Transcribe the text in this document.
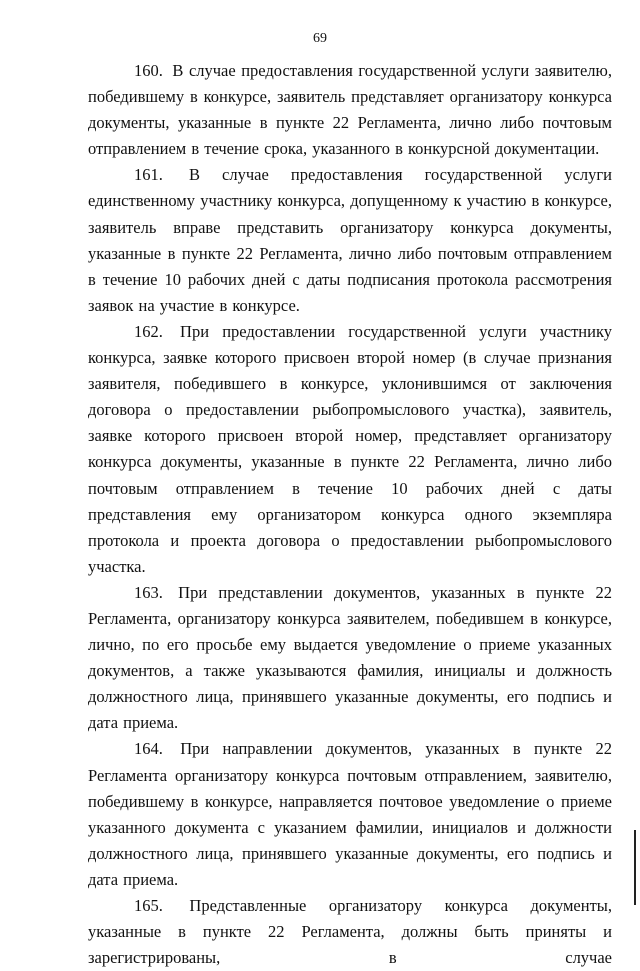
69

160. В случае предоставления государственной услуги заявителю, победившему в конкурсе, заявитель представляет организатору конкурса документы, указанные в пункте 22 Регламента, лично либо почтовым отправлением в течение срока, указанного в конкурсной документации.

161. В случае предоставления государственной услуги единственному участнику конкурса, допущенному к участию в конкурсе, заявитель вправе представить организатору конкурса документы, указанные в пункте 22 Регламента, лично либо почтовым отправлением в течение 10 рабочих дней с даты подписания протокола рассмотрения заявок на участие в конкурсе.

162. При предоставлении государственной услуги участнику конкурса, заявке которого присвоен второй номер (в случае признания заявителя, победившего в конкурсе, уклонившимся от заключения договора о предоставлении рыбопромыслового участка), заявитель, заявке которого присвоен второй номер, представляет организатору конкурса документы, указанные в пункте 22 Регламента, лично либо почтовым отправлением в течение 10 рабочих дней с даты представления ему организатором конкурса одного экземпляра протокола и проекта договора о предоставлении рыбопромыслового участка.

163. При представлении документов, указанных в пункте 22 Регламента, организатору конкурса заявителем, победившем в конкурсе, лично, по его просьбе ему выдается уведомление о приеме указанных документов, а также указываются фамилия, инициалы и должность должностного лица, принявшего указанные документы, его подпись и дата приема.

164. При направлении документов, указанных в пункте 22 Регламента организатору конкурса почтовым отправлением, заявителю, победившему в конкурсе, направляется почтовое уведомление о приеме указанного документа с указанием фамилии, инициалов и должности должностного лица, принявшего указанные документы, его подпись и дата приема.

165. Представленные организатору конкурса документы, указанные в пункте 22 Регламента, должны быть приняты и зарегистрированы, в случае
